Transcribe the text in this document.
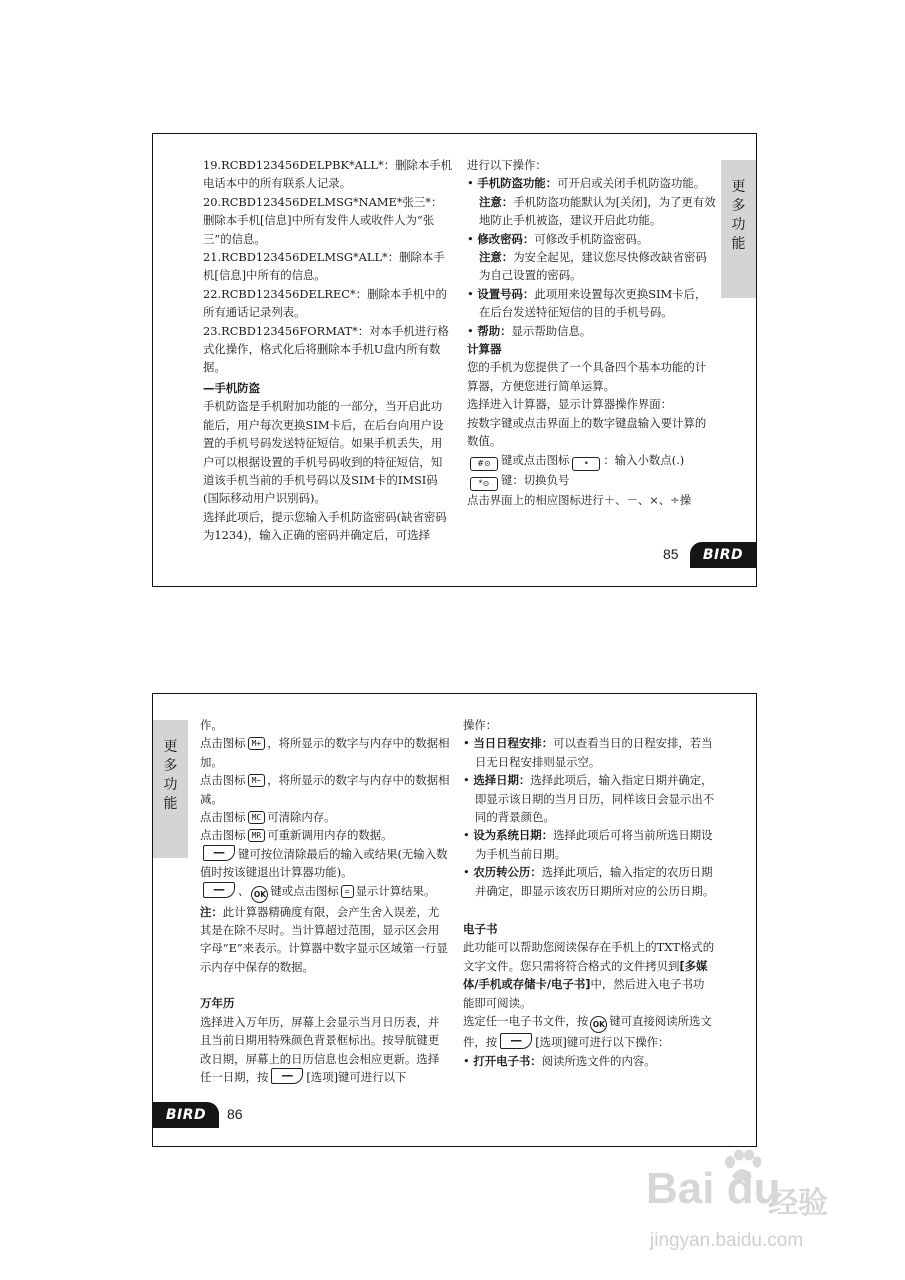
19.RCBD123456DELPBK*ALL*：删除本手机电话本中的所有联系人记录。

20.RCBD123456DELMSG*NAME*张三*：删除本手机[信息]中所有发件人或收件人为“张三”的信息。

21.RCBD123456DELMSG*ALL*：删除本手机[信息]中所有的信息。

22.RCBD123456DELREC*：删除本手机中的所有通话记录列表。

23.RCBD123456FORMAT*：对本手机进行格式化操作，格式化后将删除本手机U盘内所有数据。

—手机防盗

手机防盗是手机附加功能的一部分，当开启此功能后，用户每次更换SIM卡后，在后台向用户设置的手机号码发送特征短信。如果手机丢失，用户可以根据设置的手机号码收到的特征短信，知道该手机当前的手机号码以及SIM卡的IMSI码(国际移动用户识别码)。

选择此项后，提示您输入手机防盗密码(缺省密码为1234)，输入正确的密码并确定后，可选择

进行以下操作：

• 手机防盗功能：可开启或关闭手机防盗功能。

注意：手机防盗功能默认为[关闭]，为了更有效地防止手机被盗，建议开启此功能。

• 修改密码：可修改手机防盗密码。

注意：为安全起见，建议您尽快修改缺省密码为自己设置的密码。

• 设置号码：此项用来设置每次更换SIM卡后，在后台发送特征短信的目的手机号码。

• 帮助：显示帮助信息。

计算器

您的手机为您提供了一个具备四个基本功能的计算器，方便您进行简单运算。

选择进入计算器，显示计算器操作界面：

按数字键或点击界面上的数字键盘输入要计算的数值。

#⊙ 键或点击图标 • ：输入小数点(.)

*⊙ 键：切换负号

点击界面上的相应图标进行＋、－、×、÷操

更
多
功
能
85	BIRD
更
多
功
能

作。

点击图标 M+ ，将所显示的数字与内存中的数据相加。

点击图标 M− ，将所显示的数字与内存中的数据相减。

点击图标 MC 可清除内存。

点击图标 MR 可重新调用内存的数据。

—键可按位清除最后的输入或结果(无输入数值时按该键退出计算器功能)。

—、 OK 键或点击图标 = 显示计算结果。

注：此计算器精确度有限，会产生舍入误差，尤其是在除不尽时。当计算超过范围，显示区会用字母“E”来表示。计算器中数字显示区域第一行显示内存中保存的数据。

万年历

选择进入万年历，屏幕上会显示当月日历表，并且当前日期用特殊颜色背景框标出。按导航键更改日期，屏幕上的日历信息也会相应更新。选择任一日期，按 —	[选项]键可进行以下

操作：

• 当日日程安排：可以查看当日的日程安排，若当日无日程安排则显示空。

• 选择日期：选择此项后，输入指定日期并确定，即显示该日期的当月日历，同样该日会显示出不同的背景颜色。

• 设为系统日期：选择此项后可将当前所选日期设为手机当前日期。

• 农历转公历：选择此项后，输入指定的农历日期并确定，即显示该农历日期所对应的公历日期。

电子书

此功能可以帮助您阅读保存在手机上的TXT格式的文字文件。您只需将符合格式的文件拷贝到[多媒体/手机或存储卡/电子书]中，然后进入电子书功能即可阅读。

选定任一电子书文件，按 OK 键可直接阅读所选文件，按 —	[选项]键可进行以下操作：

• 打开电子书：阅读所选文件的内容。

BIRD	86
Bai du
经验
jingyan.baidu.com
